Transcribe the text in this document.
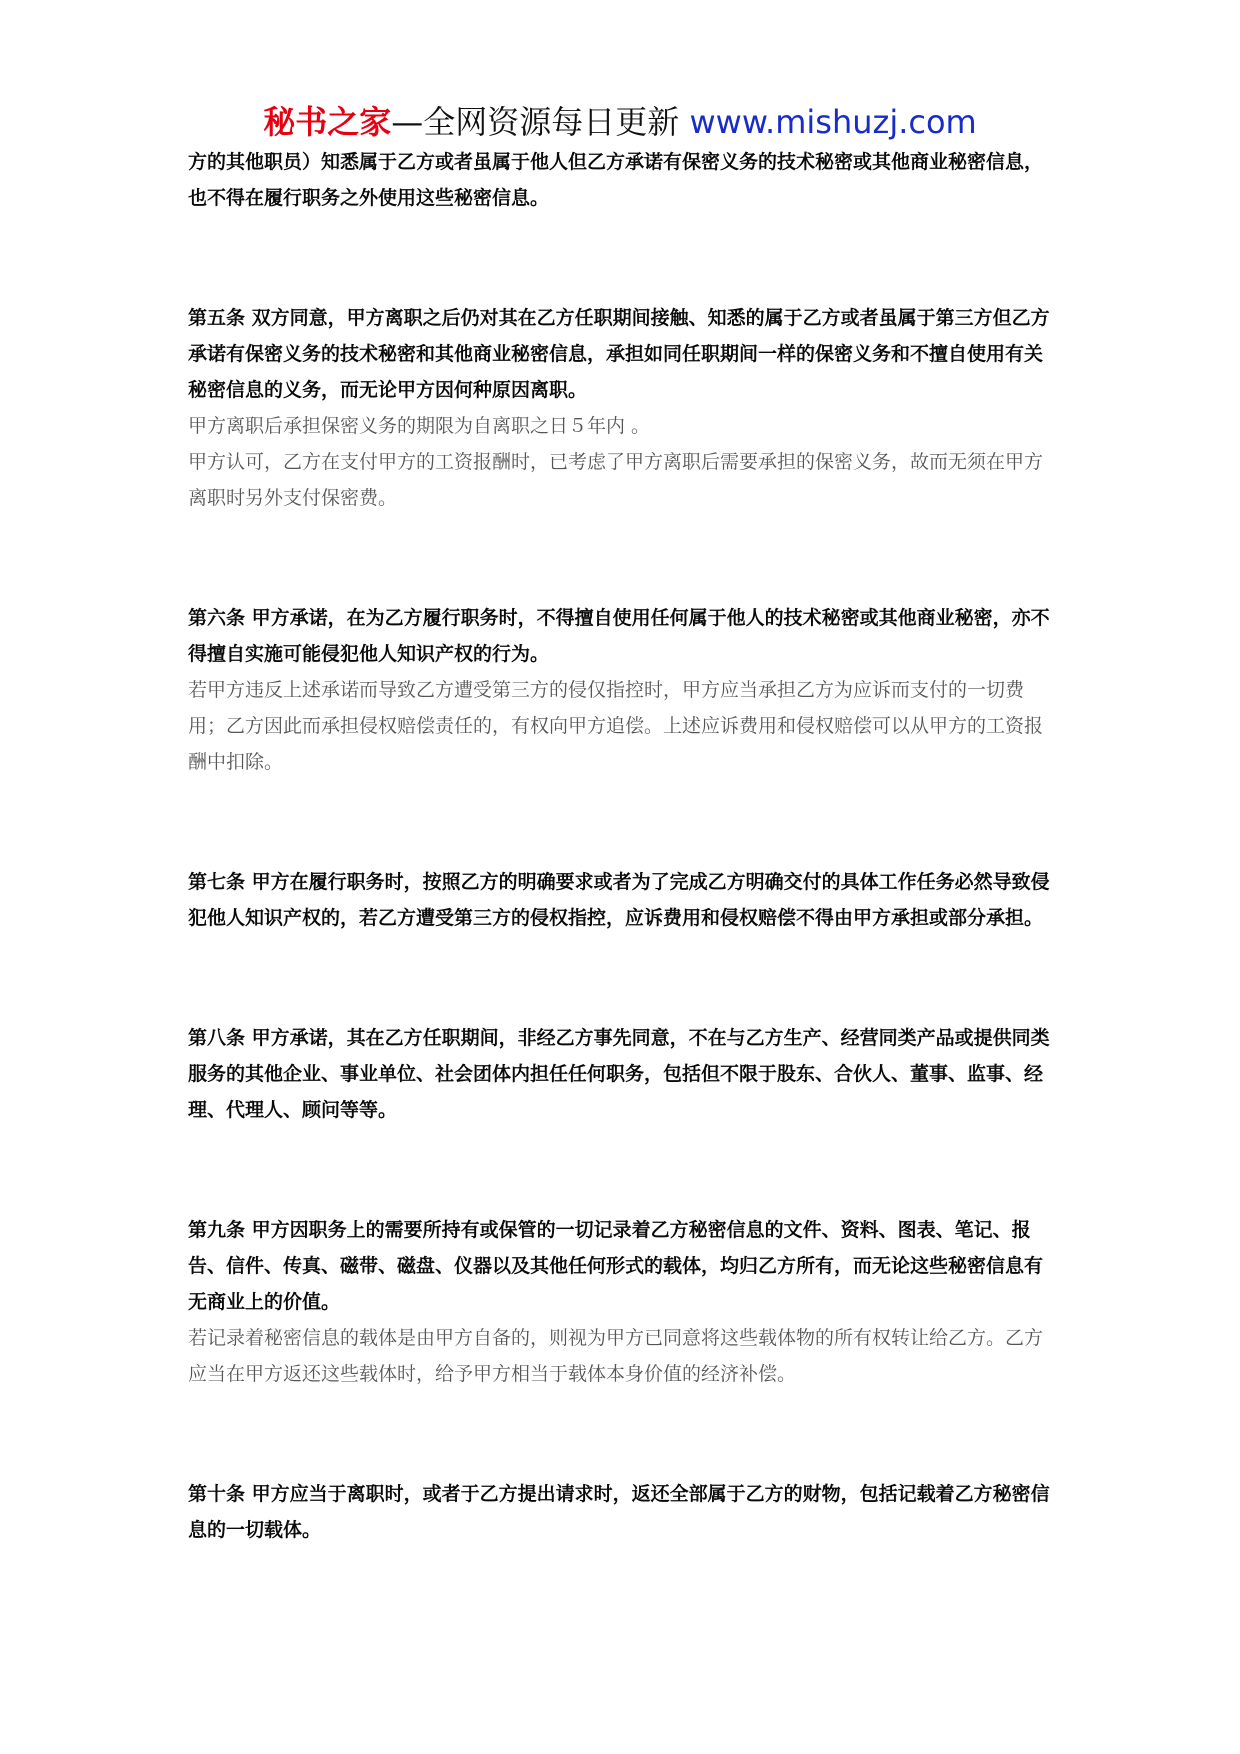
秘书之家—全网资源每日更新 www.mishuzj.com

方的其他职员）知悉属于乙方或者虽属于他人但乙方承诺有保密义务的技术秘密或其他商业秘密信息，也不得在履行职务之外使用这些秘密信息。

第五条 双方同意，甲方离职之后仍对其在乙方任职期间接触、知悉的属于乙方或者虽属于第三方但乙方承诺有保密义务的技术秘密和其他商业秘密信息，承担如同任职期间一样的保密义务和不擅自使用有关秘密信息的义务，而无论甲方因何种原因离职。

甲方离职后承担保密义务的期限为自离职之日５年内 。

甲方认可，乙方在支付甲方的工资报酬时，已考虑了甲方离职后需要承担的保密义务，故而无须在甲方离职时另外支付保密费。

第六条 甲方承诺，在为乙方履行职务时，不得擅自使用任何属于他人的技术秘密或其他商业秘密，亦不得擅自实施可能侵犯他人知识产权的行为。

若甲方违反上述承诺而导致乙方遭受第三方的侵仅指控时，甲方应当承担乙方为应诉而支付的一切费用；乙方因此而承担侵权赔偿责任的，有权向甲方追偿。上述应诉费用和侵权赔偿可以从甲方的工资报酬中扣除。

第七条 甲方在履行职务时，按照乙方的明确要求或者为了完成乙方明确交付的具体工作任务必然导致侵犯他人知识产权的，若乙方遭受第三方的侵权指控，应诉费用和侵权赔偿不得由甲方承担或部分承担。

第八条 甲方承诺，其在乙方任职期间，非经乙方事先同意，不在与乙方生产、经营同类产品或提供同类服务的其他企业、事业单位、社会团体内担任任何职务，包括但不限于股东、合伙人、董事、监事、经理、代理人、顾问等等。

第九条 甲方因职务上的需要所持有或保管的一切记录着乙方秘密信息的文件、资料、图表、笔记、报告、信件、传真、磁带、磁盘、仪器以及其他任何形式的载体，均归乙方所有，而无论这些秘密信息有无商业上的价值。

若记录着秘密信息的载体是由甲方自备的，则视为甲方已同意将这些载体物的所有权转让给乙方。乙方应当在甲方返还这些载体时，给予甲方相当于载体本身价值的经济补偿。

第十条 甲方应当于离职时，或者于乙方提出请求时，返还全部属于乙方的财物，包括记载着乙方秘密信息的一切载体。
